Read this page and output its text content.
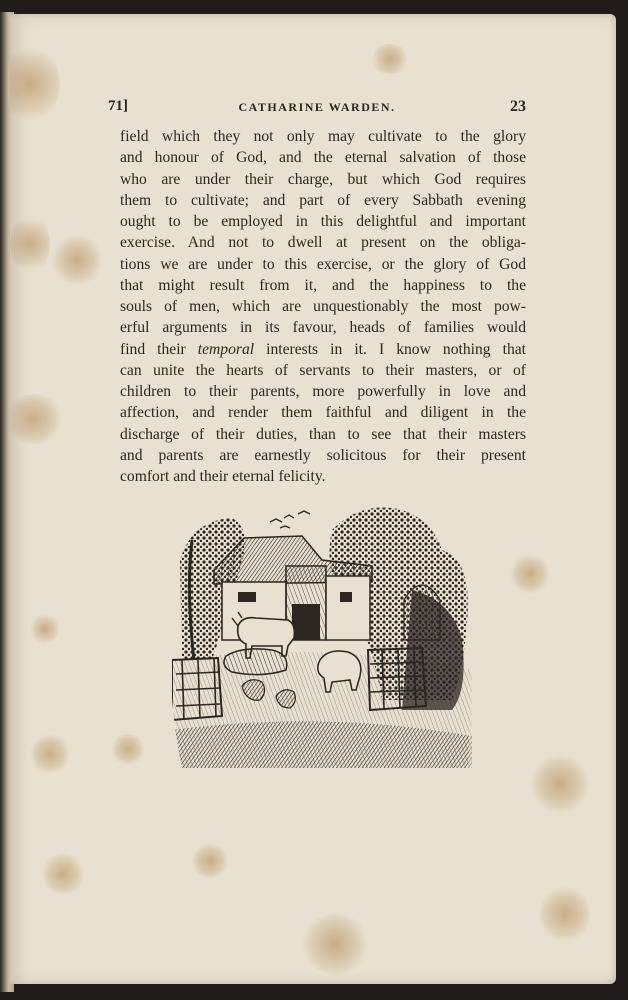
71]	CATHARINE WARDEN.	23
field which they not only may cultivate to the glory
and honour of God, and the eternal salvation of those
who are under their charge, but which God requires
them to cultivate; and part of every Sabbath evening
ought to be employed in this delightful and important
exercise. And not to dwell at present on the obliga-
tions we are under to this exercise, or the glory of God
that might result from it, and the happiness to the
souls of men, which are unquestionably the most pow-
erful arguments in its favour, heads of families would
find their temporal interests in it. I know nothing that
can unite the hearts of servants to their masters, or of
children to their parents, more powerfully in love and
affection, and render them faithful and diligent in the
discharge of their duties, than to see that their masters
and parents are earnestly solicitous for their present
comfort and their eternal felicity.
